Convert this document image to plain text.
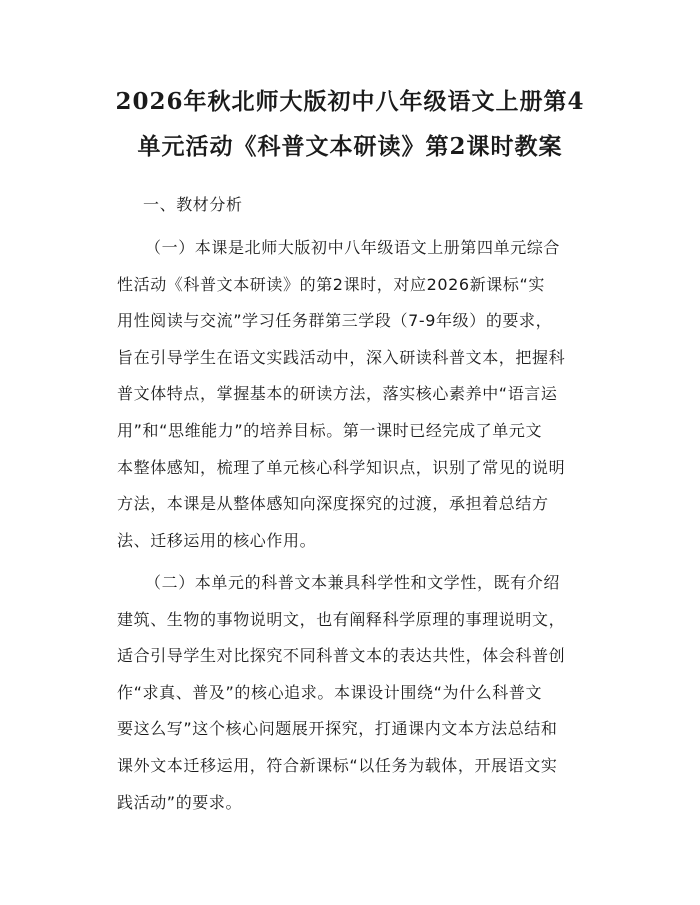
2026年秋北师大版初中八年级语文上册第4
单元活动《科普文本研读》第2课时教案

一、教材分析

（一）本课是北师大版初中八年级语文上册第四单元综合
性活动《科普文本研读》的第2课时，对应2026新课标“实
用性阅读与交流”学习任务群第三学段（7-9年级）的要求，
旨在引导学生在语文实践活动中，深入研读科普文本，把握科
普文体特点，掌握基本的研读方法，落实核心素养中“语言运
用”和“思维能力”的培养目标。第一课时已经完成了单元文
本整体感知，梳理了单元核心科学知识点，识别了常见的说明
方法，本课是从整体感知向深度探究的过渡，承担着总结方
法、迁移运用的核心作用。
（二）本单元的科普文本兼具科学性和文学性，既有介绍
建筑、生物的事物说明文，也有阐释科学原理的事理说明文，
适合引导学生对比探究不同科普文本的表达共性，体会科普创
作“求真、普及”的核心追求。本课设计围绕“为什么科普文
要这么写”这个核心问题展开探究，打通课内文本方法总结和
课外文本迁移运用，符合新课标“以任务为载体，开展语文实
践活动”的要求。
